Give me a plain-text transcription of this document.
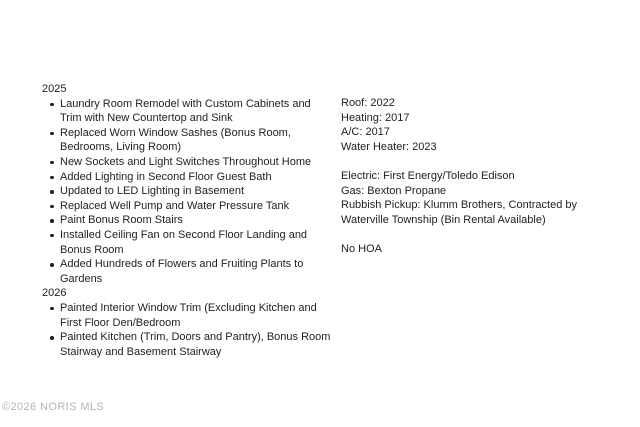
2025
Laundry Room Remodel with Custom Cabinets and Trim with New Countertop and Sink
Replaced Worn Window Sashes (Bonus Room, Bedrooms, Living Room)
New Sockets and Light Switches Throughout Home
Added Lighting in Second Floor Guest Bath
Updated to LED Lighting in Basement
Replaced Well Pump and Water Pressure Tank
Paint Bonus Room Stairs
Installed Ceiling Fan on Second Floor Landing and Bonus Room
Added Hundreds of Flowers and Fruiting Plants to Gardens
2026
Painted Interior Window Trim (Excluding Kitchen and First Floor Den/Bedroom
Painted Kitchen (Trim, Doors and Pantry), Bonus Room Stairway and Basement Stairway
Roof: 2022
Heating: 2017
A/C: 2017
Water Heater: 2023
Electric: First Energy/Toledo Edison
Gas: Bexton Propane
Rubbish Pickup: Klumm Brothers, Contracted by Waterville Township (Bin Rental Available)
No HOA
©2026 NORIS MLS
